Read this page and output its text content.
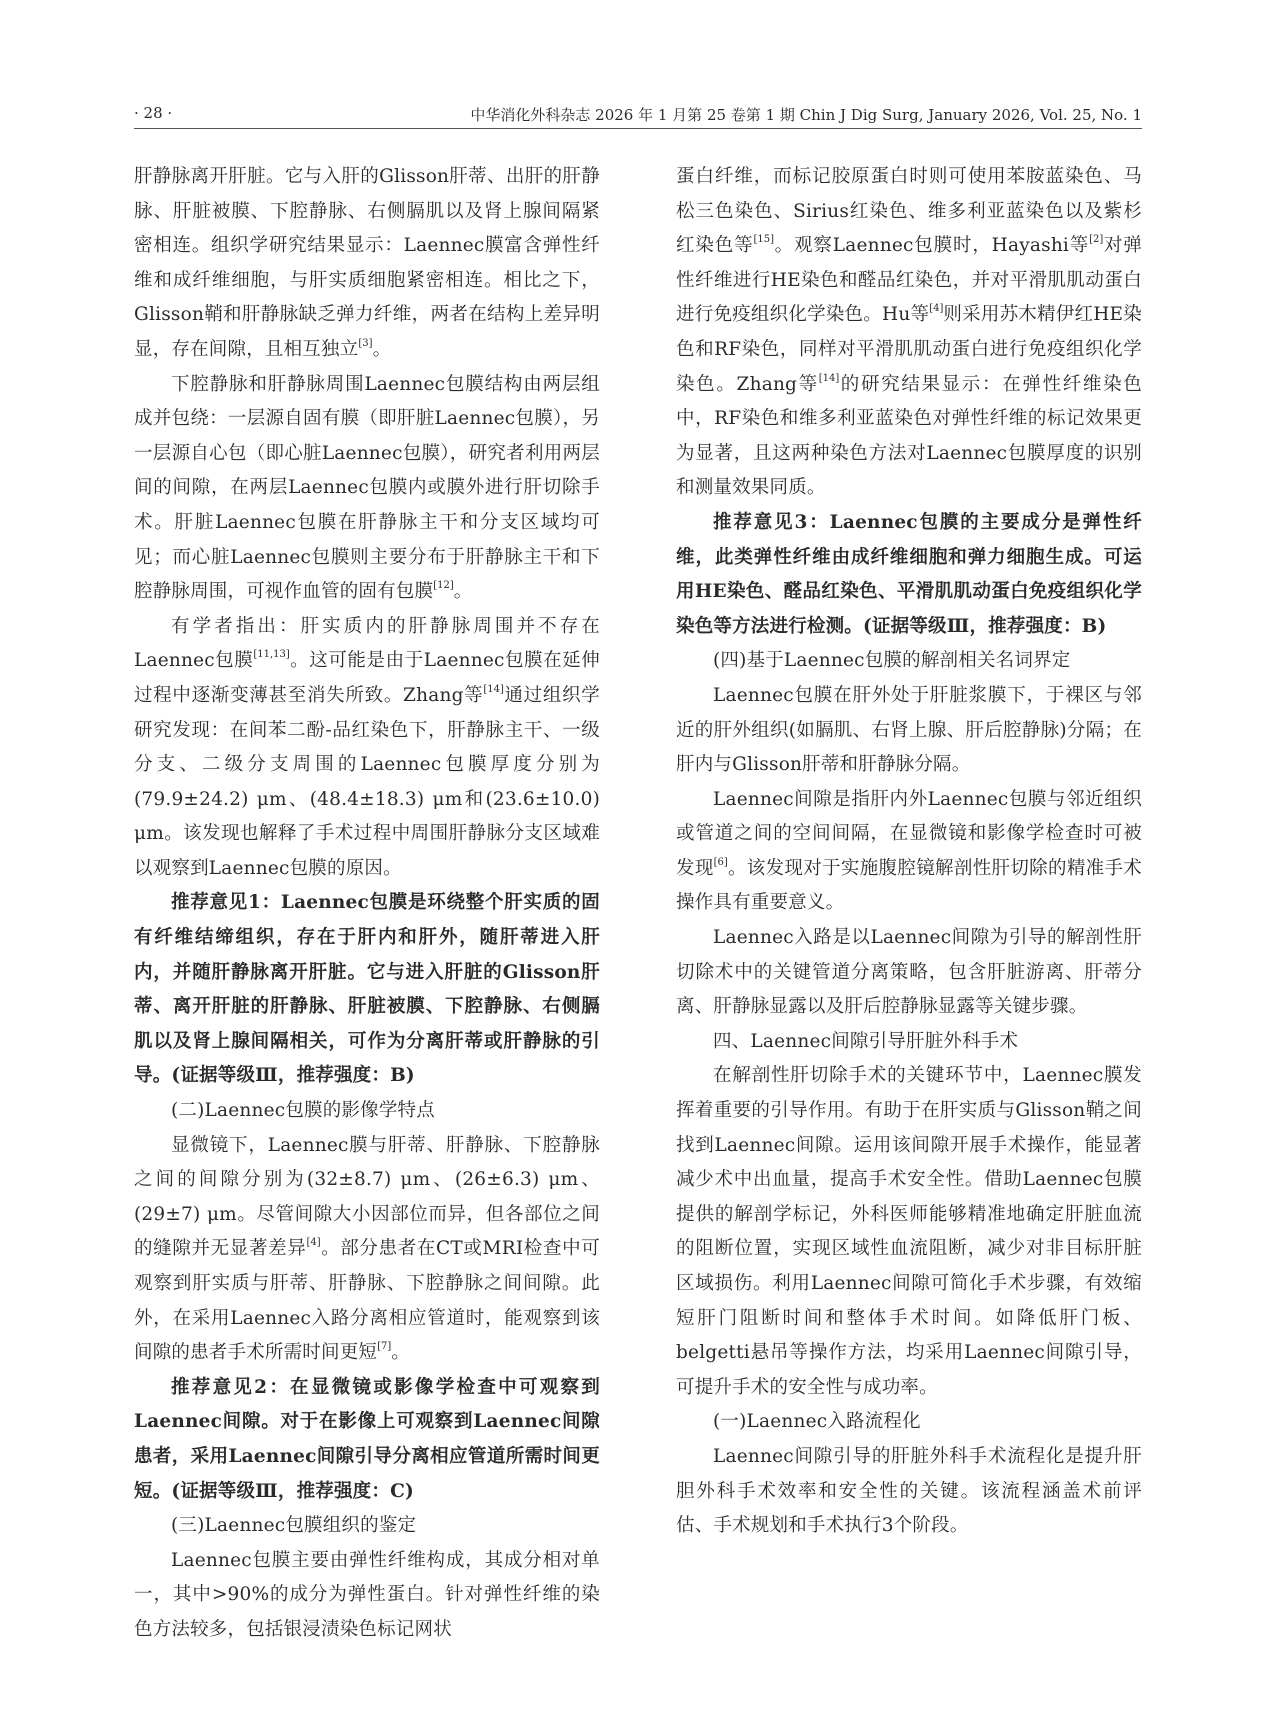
· 28 ·	中华消化外科杂志 2026 年 1 月第 25 卷第 1 期 Chin J Dig Surg, January 2026, Vol. 25, No. 1

肝静脉离开肝脏。它与入肝的Glisson肝蒂、出肝的肝静脉、肝脏被膜、下腔静脉、右侧膈肌以及肾上腺间隔紧密相连。组织学研究结果显示：Laennec膜富含弹性纤维和成纤维细胞，与肝实质细胞紧密相连。相比之下，Glisson鞘和肝静脉缺乏弹力纤维，两者在结构上差异明显，存在间隙，且相互独立[3]。

下腔静脉和肝静脉周围Laennec包膜结构由两层组成并包绕：一层源自固有膜（即肝脏Laennec包膜），另一层源自心包（即心脏Laennec包膜），研究者利用两层间的间隙，在两层Laennec包膜内或膜外进行肝切除手术。肝脏Laennec包膜在肝静脉主干和分支区域均可见；而心脏Laennec包膜则主要分布于肝静脉主干和下腔静脉周围，可视作血管的固有包膜[12]。

有学者指出：肝实质内的肝静脉周围并不存在Laennec包膜[11,13]。这可能是由于Laennec包膜在延伸过程中逐渐变薄甚至消失所致。Zhang等[14]通过组织学研究发现：在间苯二酚-品红染色下，肝静脉主干、一级分支、二级分支周围的Laennec包膜厚度分别为(79.9±24.2) μm、(48.4±18.3) μm和(23.6±10.0) μm。该发现也解释了手术过程中周围肝静脉分支区域难以观察到Laennec包膜的原因。

推荐意见1：Laennec包膜是环绕整个肝实质的固有纤维结缔组织，存在于肝内和肝外，随肝蒂进入肝内，并随肝静脉离开肝脏。它与进入肝脏的Glisson肝蒂、离开肝脏的肝静脉、肝脏被膜、下腔静脉、右侧膈肌以及肾上腺间隔相关，可作为分离肝蒂或肝静脉的引导。(证据等级Ⅲ，推荐强度：B)

(二)Laennec包膜的影像学特点

显微镜下，Laennec膜与肝蒂、肝静脉、下腔静脉之间的间隙分别为(32±8.7) μm、(26±6.3) μm、(29±7) μm。尽管间隙大小因部位而异，但各部位之间的缝隙并无显著差异[4]。部分患者在CT或MRI检查中可观察到肝实质与肝蒂、肝静脉、下腔静脉之间间隙。此外，在采用Laennec入路分离相应管道时，能观察到该间隙的患者手术所需时间更短[7]。

推荐意见2：在显微镜或影像学检查中可观察到Laennec间隙。对于在影像上可观察到Laennec间隙患者，采用Laennec间隙引导分离相应管道所需时间更短。(证据等级Ⅲ，推荐强度：C)

(三)Laennec包膜组织的鉴定

Laennec包膜主要由弹性纤维构成，其成分相对单一，其中>90%的成分为弹性蛋白。针对弹性纤维的染色方法较多，包括银浸渍染色标记网状

蛋白纤维，而标记胶原蛋白时则可使用苯胺蓝染色、马松三色染色、Sirius红染色、维多利亚蓝染色以及紫杉红染色等[15]。观察Laennec包膜时，Hayashi等[2]对弹性纤维进行HE染色和醛品红染色，并对平滑肌肌动蛋白进行免疫组织化学染色。Hu等[4]则采用苏木精伊红HE染色和RF染色，同样对平滑肌肌动蛋白进行免疫组织化学染色。Zhang等[14]的研究结果显示：在弹性纤维染色中，RF染色和维多利亚蓝染色对弹性纤维的标记效果更为显著，且这两种染色方法对Laennec包膜厚度的识别和测量效果同质。

推荐意见3：Laennec包膜的主要成分是弹性纤维，此类弹性纤维由成纤维细胞和弹力细胞生成。可运用HE染色、醛品红染色、平滑肌肌动蛋白免疫组织化学染色等方法进行检测。(证据等级Ⅲ，推荐强度：B)

(四)基于Laennec包膜的解剖相关名词界定

Laennec包膜在肝外处于肝脏浆膜下，于裸区与邻近的肝外组织(如膈肌、右肾上腺、肝后腔静脉)分隔；在肝内与Glisson肝蒂和肝静脉分隔。

Laennec间隙是指肝内外Laennec包膜与邻近组织或管道之间的空间间隔，在显微镜和影像学检查时可被发现[6]。该发现对于实施腹腔镜解剖性肝切除的精准手术操作具有重要意义。

Laennec入路是以Laennec间隙为引导的解剖性肝切除术中的关键管道分离策略，包含肝脏游离、肝蒂分离、肝静脉显露以及肝后腔静脉显露等关键步骤。

四、Laennec间隙引导肝脏外科手术

在解剖性肝切除手术的关键环节中，Laennec膜发挥着重要的引导作用。有助于在肝实质与Glisson鞘之间找到Laennec间隙。运用该间隙开展手术操作，能显著减少术中出血量，提高手术安全性。借助Laennec包膜提供的解剖学标记，外科医师能够精准地确定肝脏血流的阻断位置，实现区域性血流阻断，减少对非目标肝脏区域损伤。利用Laennec间隙可简化手术步骤，有效缩短肝门阻断时间和整体手术时间。如降低肝门板、belgetti悬吊等操作方法，均采用Laennec间隙引导，可提升手术的安全性与成功率。

(一)Laennec入路流程化

Laennec间隙引导的肝脏外科手术流程化是提升肝胆外科手术效率和安全性的关键。该流程涵盖术前评估、手术规划和手术执行3个阶段。
